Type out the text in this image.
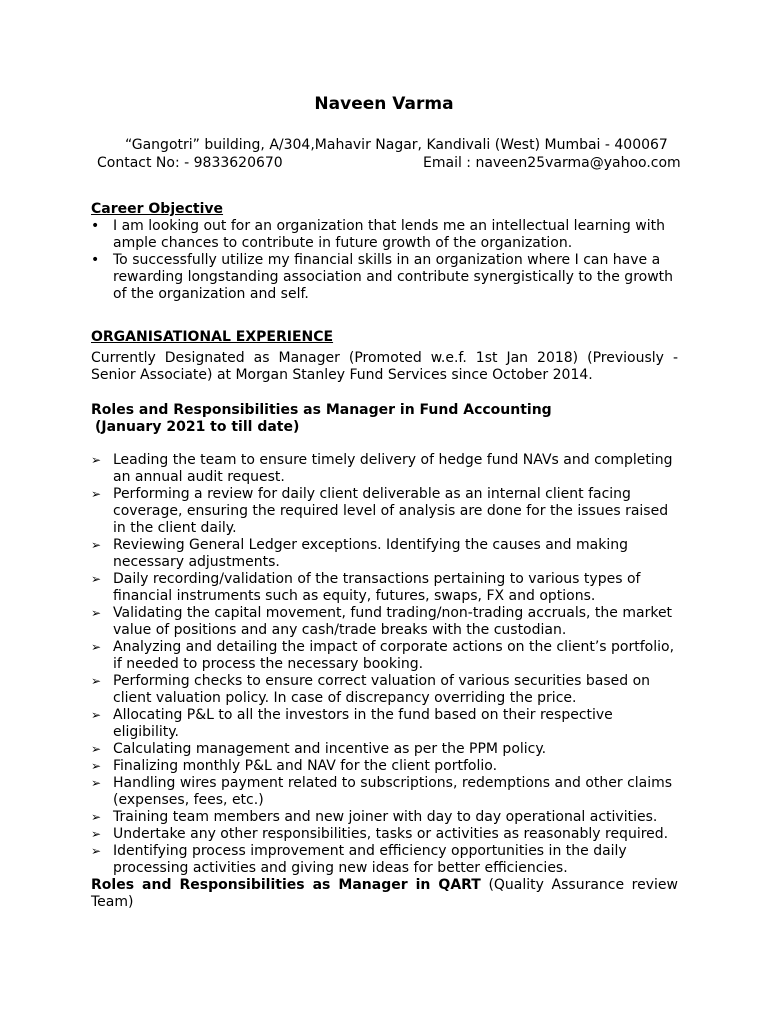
Naveen Varma
“Gangotri” building, A/304,Mahavir Nagar, Kandivali (West) Mumbai - 400067
Contact No: - 9833620670	Email : naveen25varma@yahoo.com
Career Objective
• I am looking out for an organization that lends me an intellectual learning with ample chances to contribute in future growth of the organization.
• To successfully utilize my financial skills in an organization where I can have a rewarding longstanding association and contribute synergistically to the growth of the organization and self.
ORGANISATIONAL EXPERIENCE
Currently Designated as Manager (Promoted w.e.f. 1st Jan 2018) (Previously - Senior Associate) at Morgan Stanley Fund Services since October 2014.
Roles and Responsibilities as Manager in Fund Accounting
(January 2021 to till date)
➢ Leading the team to ensure timely delivery of hedge fund NAVs and completing an annual audit request.
➢ Performing a review for daily client deliverable as an internal client facing coverage, ensuring the required level of analysis are done for the issues raised in the client daily.
➢ Reviewing General Ledger exceptions. Identifying the causes and making necessary adjustments.
➢ Daily recording/validation of the transactions pertaining to various types of financial instruments such as equity, futures, swaps, FX and options.
➢ Validating the capital movement, fund trading/non-trading accruals, the market value of positions and any cash/trade breaks with the custodian.
➢ Analyzing and detailing the impact of corporate actions on the client’s portfolio, if needed to process the necessary booking.
➢ Performing checks to ensure correct valuation of various securities based on client valuation policy. In case of discrepancy overriding the price.
➢ Allocating P&L to all the investors in the fund based on their respective eligibility.
➢ Calculating management and incentive as per the PPM policy.
➢ Finalizing monthly P&L and NAV for the client portfolio.
➢ Handling wires payment related to subscriptions, redemptions and other claims (expenses, fees, etc.)
➢ Training team members and new joiner with day to day operational activities.
➢ Undertake any other responsibilities, tasks or activities as reasonably required.
➢ Identifying process improvement and efficiency opportunities in the daily processing activities and giving new ideas for better efficiencies.
Roles and Responsibilities as Manager in QART (Quality Assurance review Team)
